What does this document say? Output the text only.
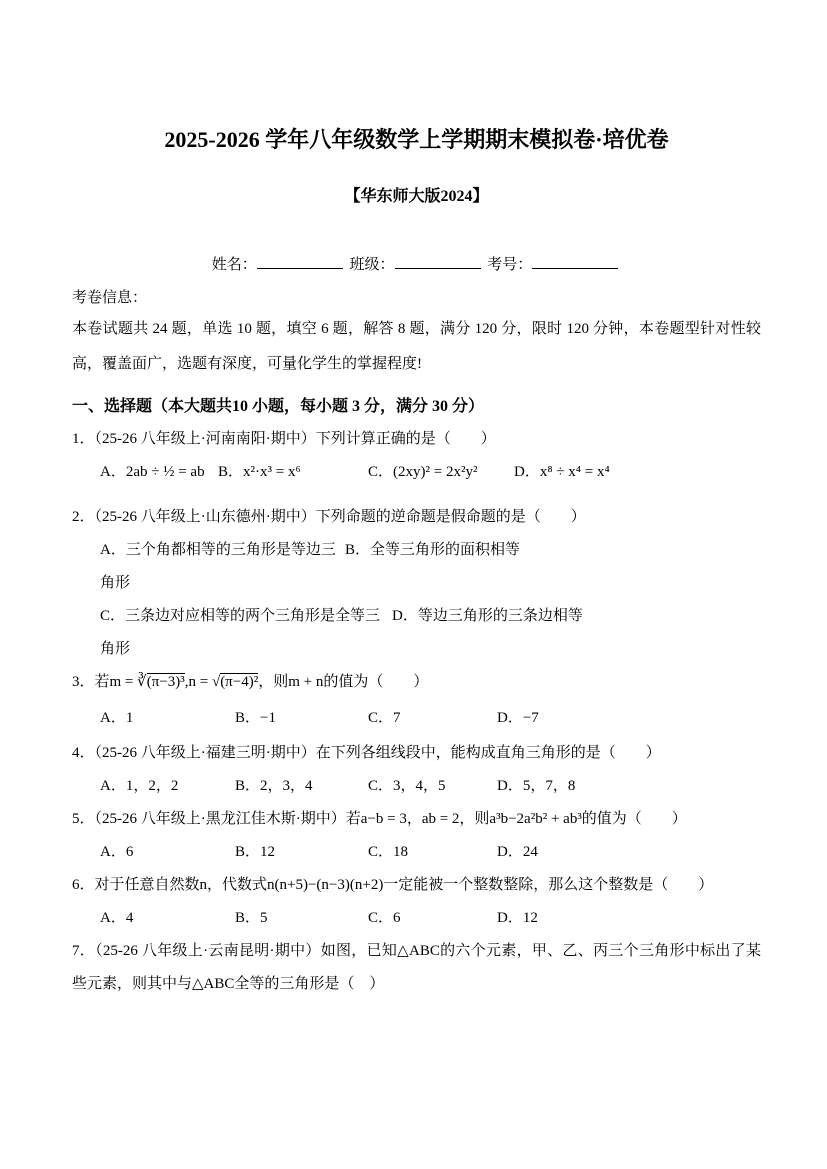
2025-2026 学年八年级数学上学期期末模拟卷·培优卷
【华东师大版2024】
姓名：	班级：	考号：
考卷信息：

本卷试题共 24 题，单选 10 题，填空 6 题，解答 8 题，满分 120 分，限时 120 分钟，本卷题型针对性较高，覆盖面广，选题有深度，可量化学生的掌握程度!

一、选择题（本大题共10 小题，每小题 3 分，满分 30 分）

1．（25-26 八年级上·河南南阳·期中）下列计算正确的是（　　）

A．2ab ÷ ½ = ab B．x²·x³ = x⁶	C．(2xy)² = 2x²y²	D．x⁸ ÷ x⁴ = x⁴

2．（25-26 八年级上·山东德州·期中）下列命题的逆命题是假命题的是（　　）

A．三个角都相等的三角形是等边三角形
B．全等三角形的面积相等
C．三条边对应相等的两个三角形是全等三角形
D．等边三角形的三条边相等

3．若m = ∛(π−3)³,n = √(π−4)²，则m + n的值为（　　）

A．1	B．−1	C．7	D．−7

4．（25-26 八年级上·福建三明·期中）在下列各组线段中，能构成直角三角形的是（　　）

A．1，2，2	B．2，3，4	C．3，4，5	D．5，7，8

5．（25-26 八年级上·黑龙江佳木斯·期中）若a−b = 3，ab = 2，则a³b−2a²b² + ab³的值为（　　）

A．6	B．12	C．18	D．24

6．对于任意自然数n，代数式n(n+5)−(n−3)(n+2)一定能被一个整数整除，那么这个整数是（　　）

A．4	B．5	C．6	D．12

7．（25-26 八年级上·云南昆明·期中）如图，已知△ABC的六个元素，甲、乙、丙三个三角形中标出了某些元素，则其中与△ABC全等的三角形是（　）
